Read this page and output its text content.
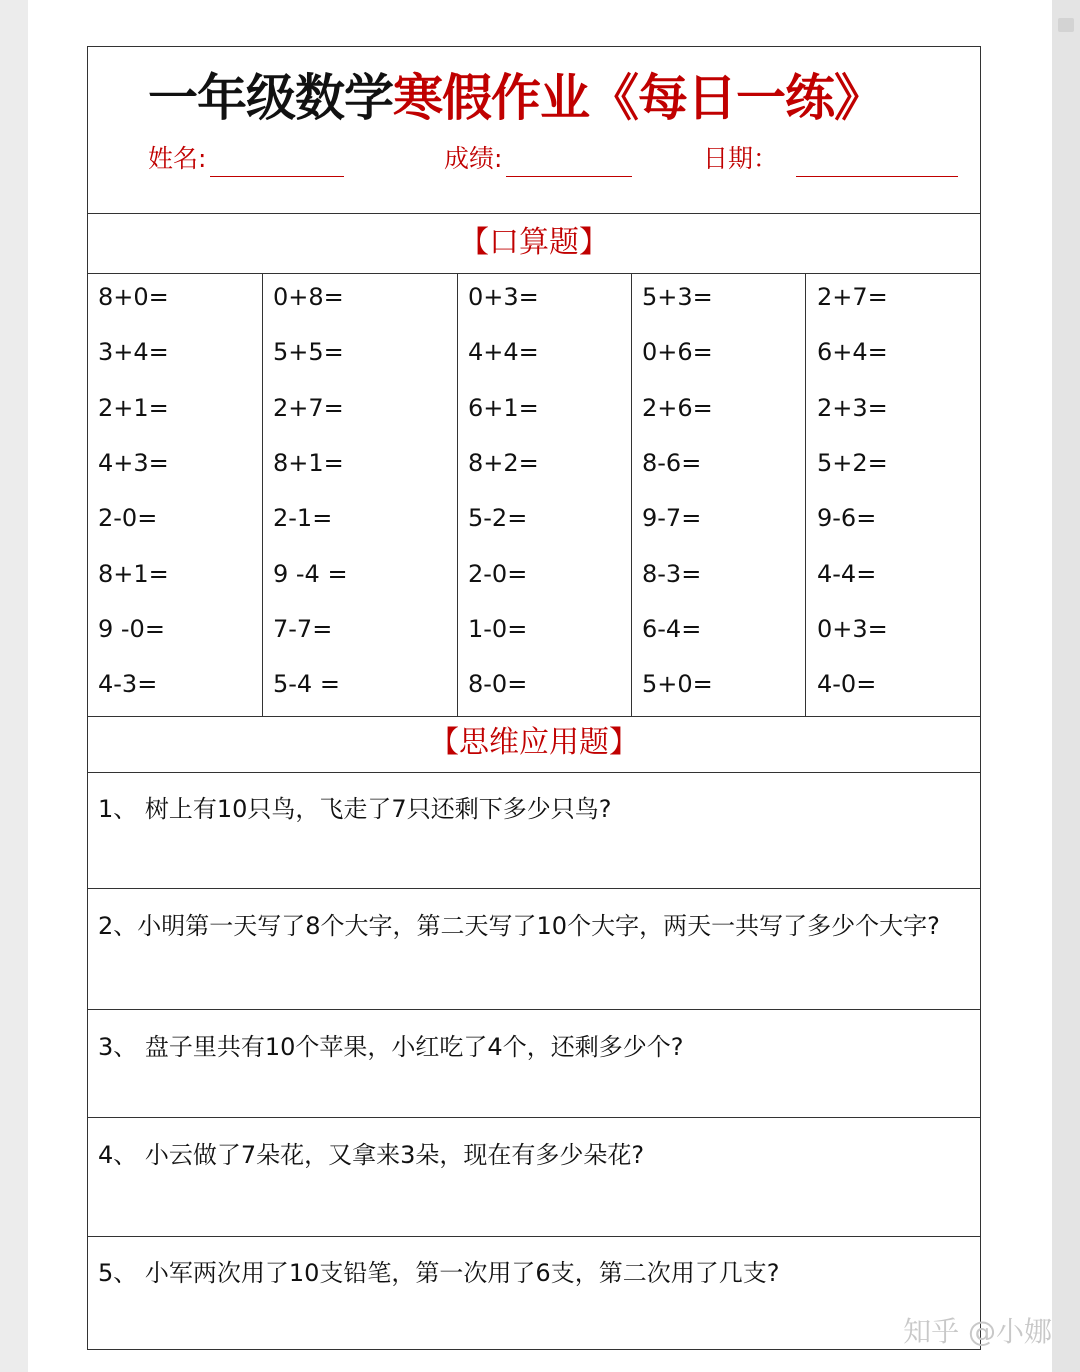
一年级数学寒假作业《每日一练》
姓名:	成绩:	日期：
【口算题】
【思维应用题】
8+0=
3+4=
2+1=
4+3=
2-0=
8+1=
9 -0=
4-3=
0+8=
5+5=
2+7=
8+1=
2-1=
9 -4 =
7-7=
5-4 =
0+3=
4+4=
6+1=
8+2=
5-2=
2-0=
1-0=
8-0=
5+3=
0+6=
2+6=
8-6=
9-7=
8-3=
6-4=
5+0=
2+7=
6+4=
2+3=
5+2=
9-6=
4-4=
0+3=
4-0=
1、 树上有10只鸟，飞走了7只还剩下多少只鸟?
2、小明第一天写了8个大字，第二天写了10个大字，两天一共写了多少个大字?
3、 盘子里共有10个苹果，小红吃了4个，还剩多少个?
4、 小云做了7朵花，又拿来3朵，现在有多少朵花?
5、 小军两次用了10支铅笔，第一次用了6支，第二次用了几支?
知乎 @小娜
